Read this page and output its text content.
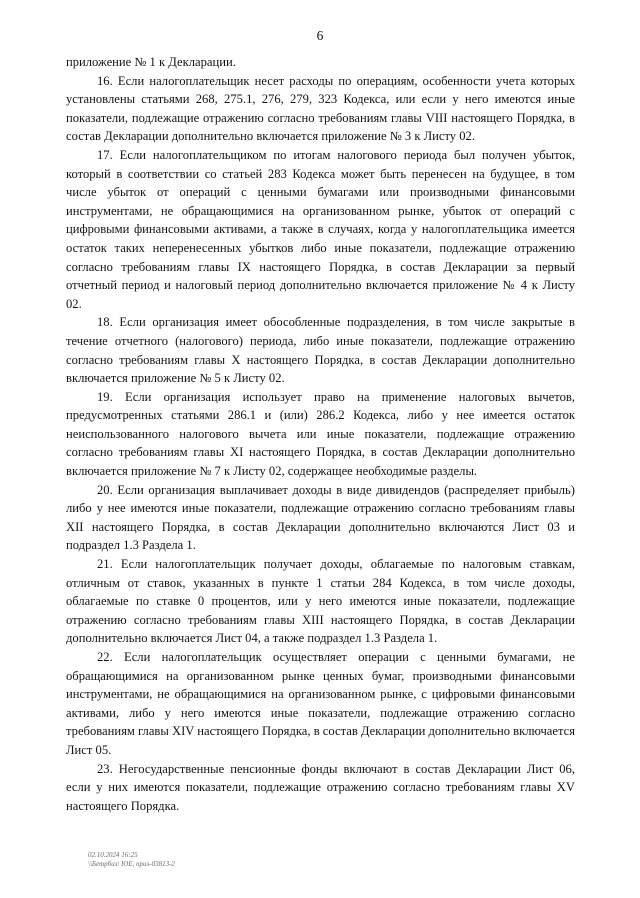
6

приложение № 1 к Декларации.

16. Если налогоплательщик несет расходы по операциям, особенности учета которых установлены статьями 268, 275.1, 276, 279, 323 Кодекса, или если у него имеются иные показатели, подлежащие отражению согласно требованиям главы VIII настоящего Порядка, в состав Декларации дополнительно включается приложение № 3 к Листу 02.

17. Если налогоплательщиком по итогам налогового периода был получен убыток, который в соответствии со статьей 283 Кодекса может быть перенесен на будущее, в том числе убыток от операций с ценными бумагами или производными финансовыми инструментами, не обращающимися на организованном рынке, убыток от операций с цифровыми финансовыми активами, а также в случаях, когда у налогоплательщика имеется остаток таких неперенесенных убытков либо иные показатели, подлежащие отражению согласно требованиям главы IX настоящего Порядка, в состав Декларации за первый отчетный период и налоговый период дополнительно включается приложение № 4 к Листу 02.

18. Если организация имеет обособленные подразделения, в том числе закрытые в течение отчетного (налогового) периода, либо иные показатели, подлежащие отражению согласно требованиям главы X настоящего Порядка, в состав Декларации дополнительно включается приложение № 5 к Листу 02.

19. Если организация использует право на применение налоговых вычетов, предусмотренных статьями 286.1 и (или) 286.2 Кодекса, либо у нее имеется остаток неиспользованного налогового вычета или иные показатели, подлежащие отражению согласно требованиям главы XI настоящего Порядка, в состав Декларации дополнительно включается приложение № 7 к Листу 02, содержащее необходимые разделы.

20. Если организация выплачивает доходы в виде дивидендов (распределяет прибыль) либо у нее имеются иные показатели, подлежащие отражению согласно требованиям главы XII настоящего Порядка, в состав Декларации дополнительно включаются Лист 03 и подраздел 1.3 Раздела 1.

21. Если налогоплательщик получает доходы, облагаемые по налоговым ставкам, отличным от ставок, указанных в пункте 1 статьи 284 Кодекса, в том числе доходы, облагаемые по ставке 0 процентов, или у него имеются иные показатели, подлежащие отражению согласно требованиям главы XIII настоящего Порядка, в состав Декларации дополнительно включается Лист 04, а также подраздел 1.3 Раздела 1.

22. Если налогоплательщик осуществляет операции с ценными бумагами, не обращающимися на организованном рынке ценных бумаг, производными финансовыми инструментами, не обращающимися на организованном рынке, с цифровыми финансовыми активами, либо у него имеются иные показатели, подлежащие отражению согласно требованиям главы XIV настоящего Порядка, в состав Декларации дополнительно включается Лист 05.

23. Негосударственные пенсионные фонды включают в состав Декларации Лист 06, если у них имеются показатели, подлежащие отражению согласно требованиям главы XV настоящего Порядка.

02.10.2024 16:25
\\Бетрбиз\ ЮЕ, приз-03813-2
